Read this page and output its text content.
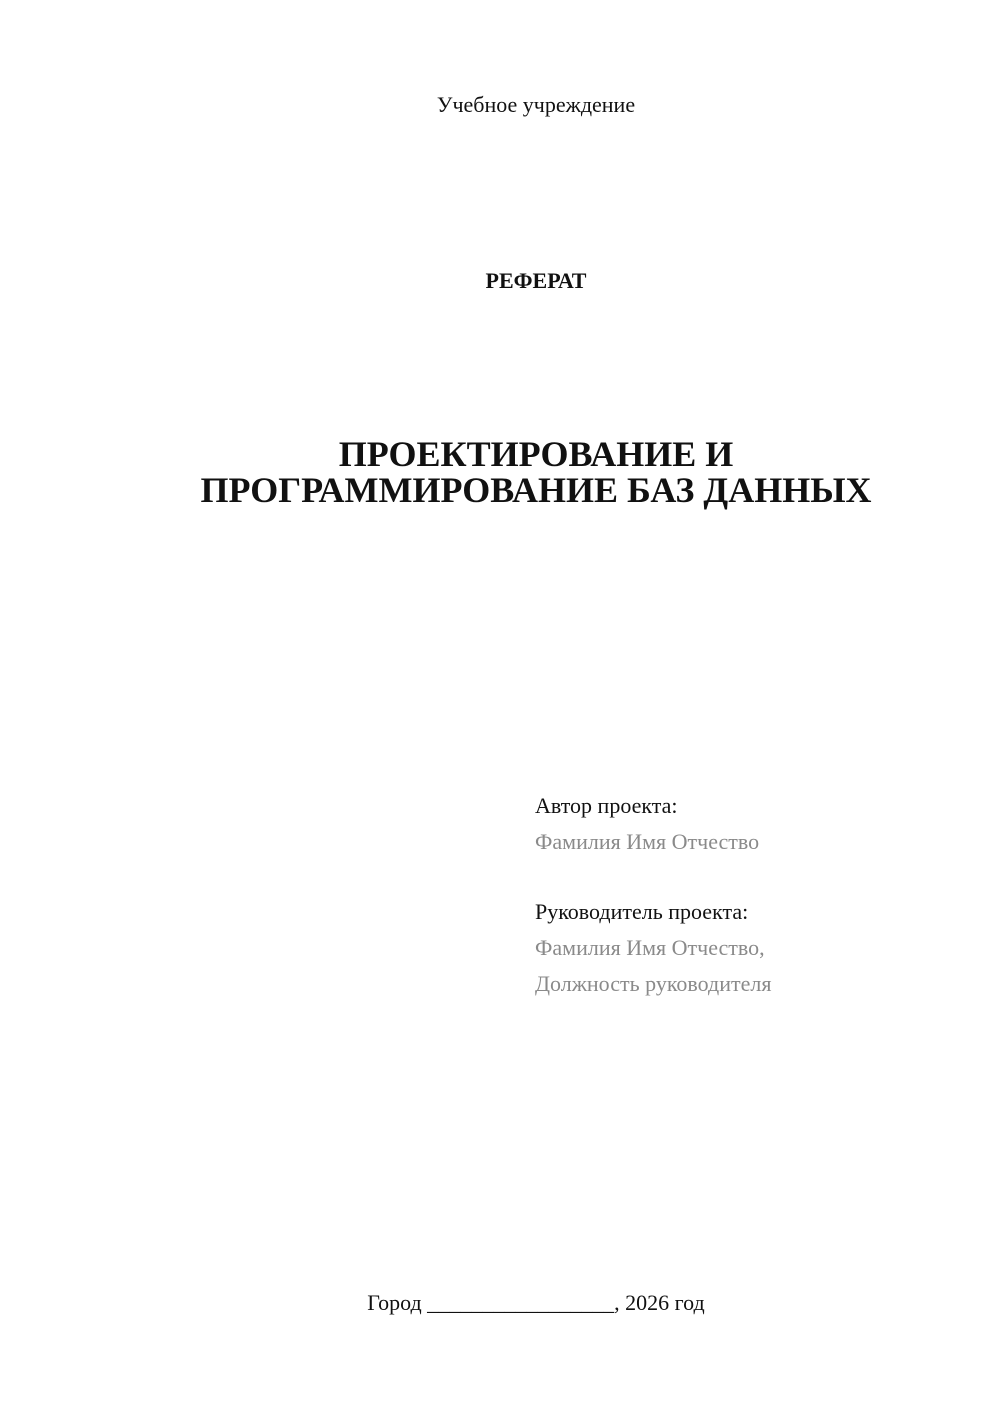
Учебное учреждение
РЕФЕРАТ
ПРОЕКТИРОВАНИЕ И
ПРОГРАММИРОВАНИЕ БАЗ ДАННЫХ
Автор проекта:
Фамилия Имя Отчество
Руководитель проекта:
Фамилия Имя Отчество,
Должность руководителя
Город _________________, 2026 год
